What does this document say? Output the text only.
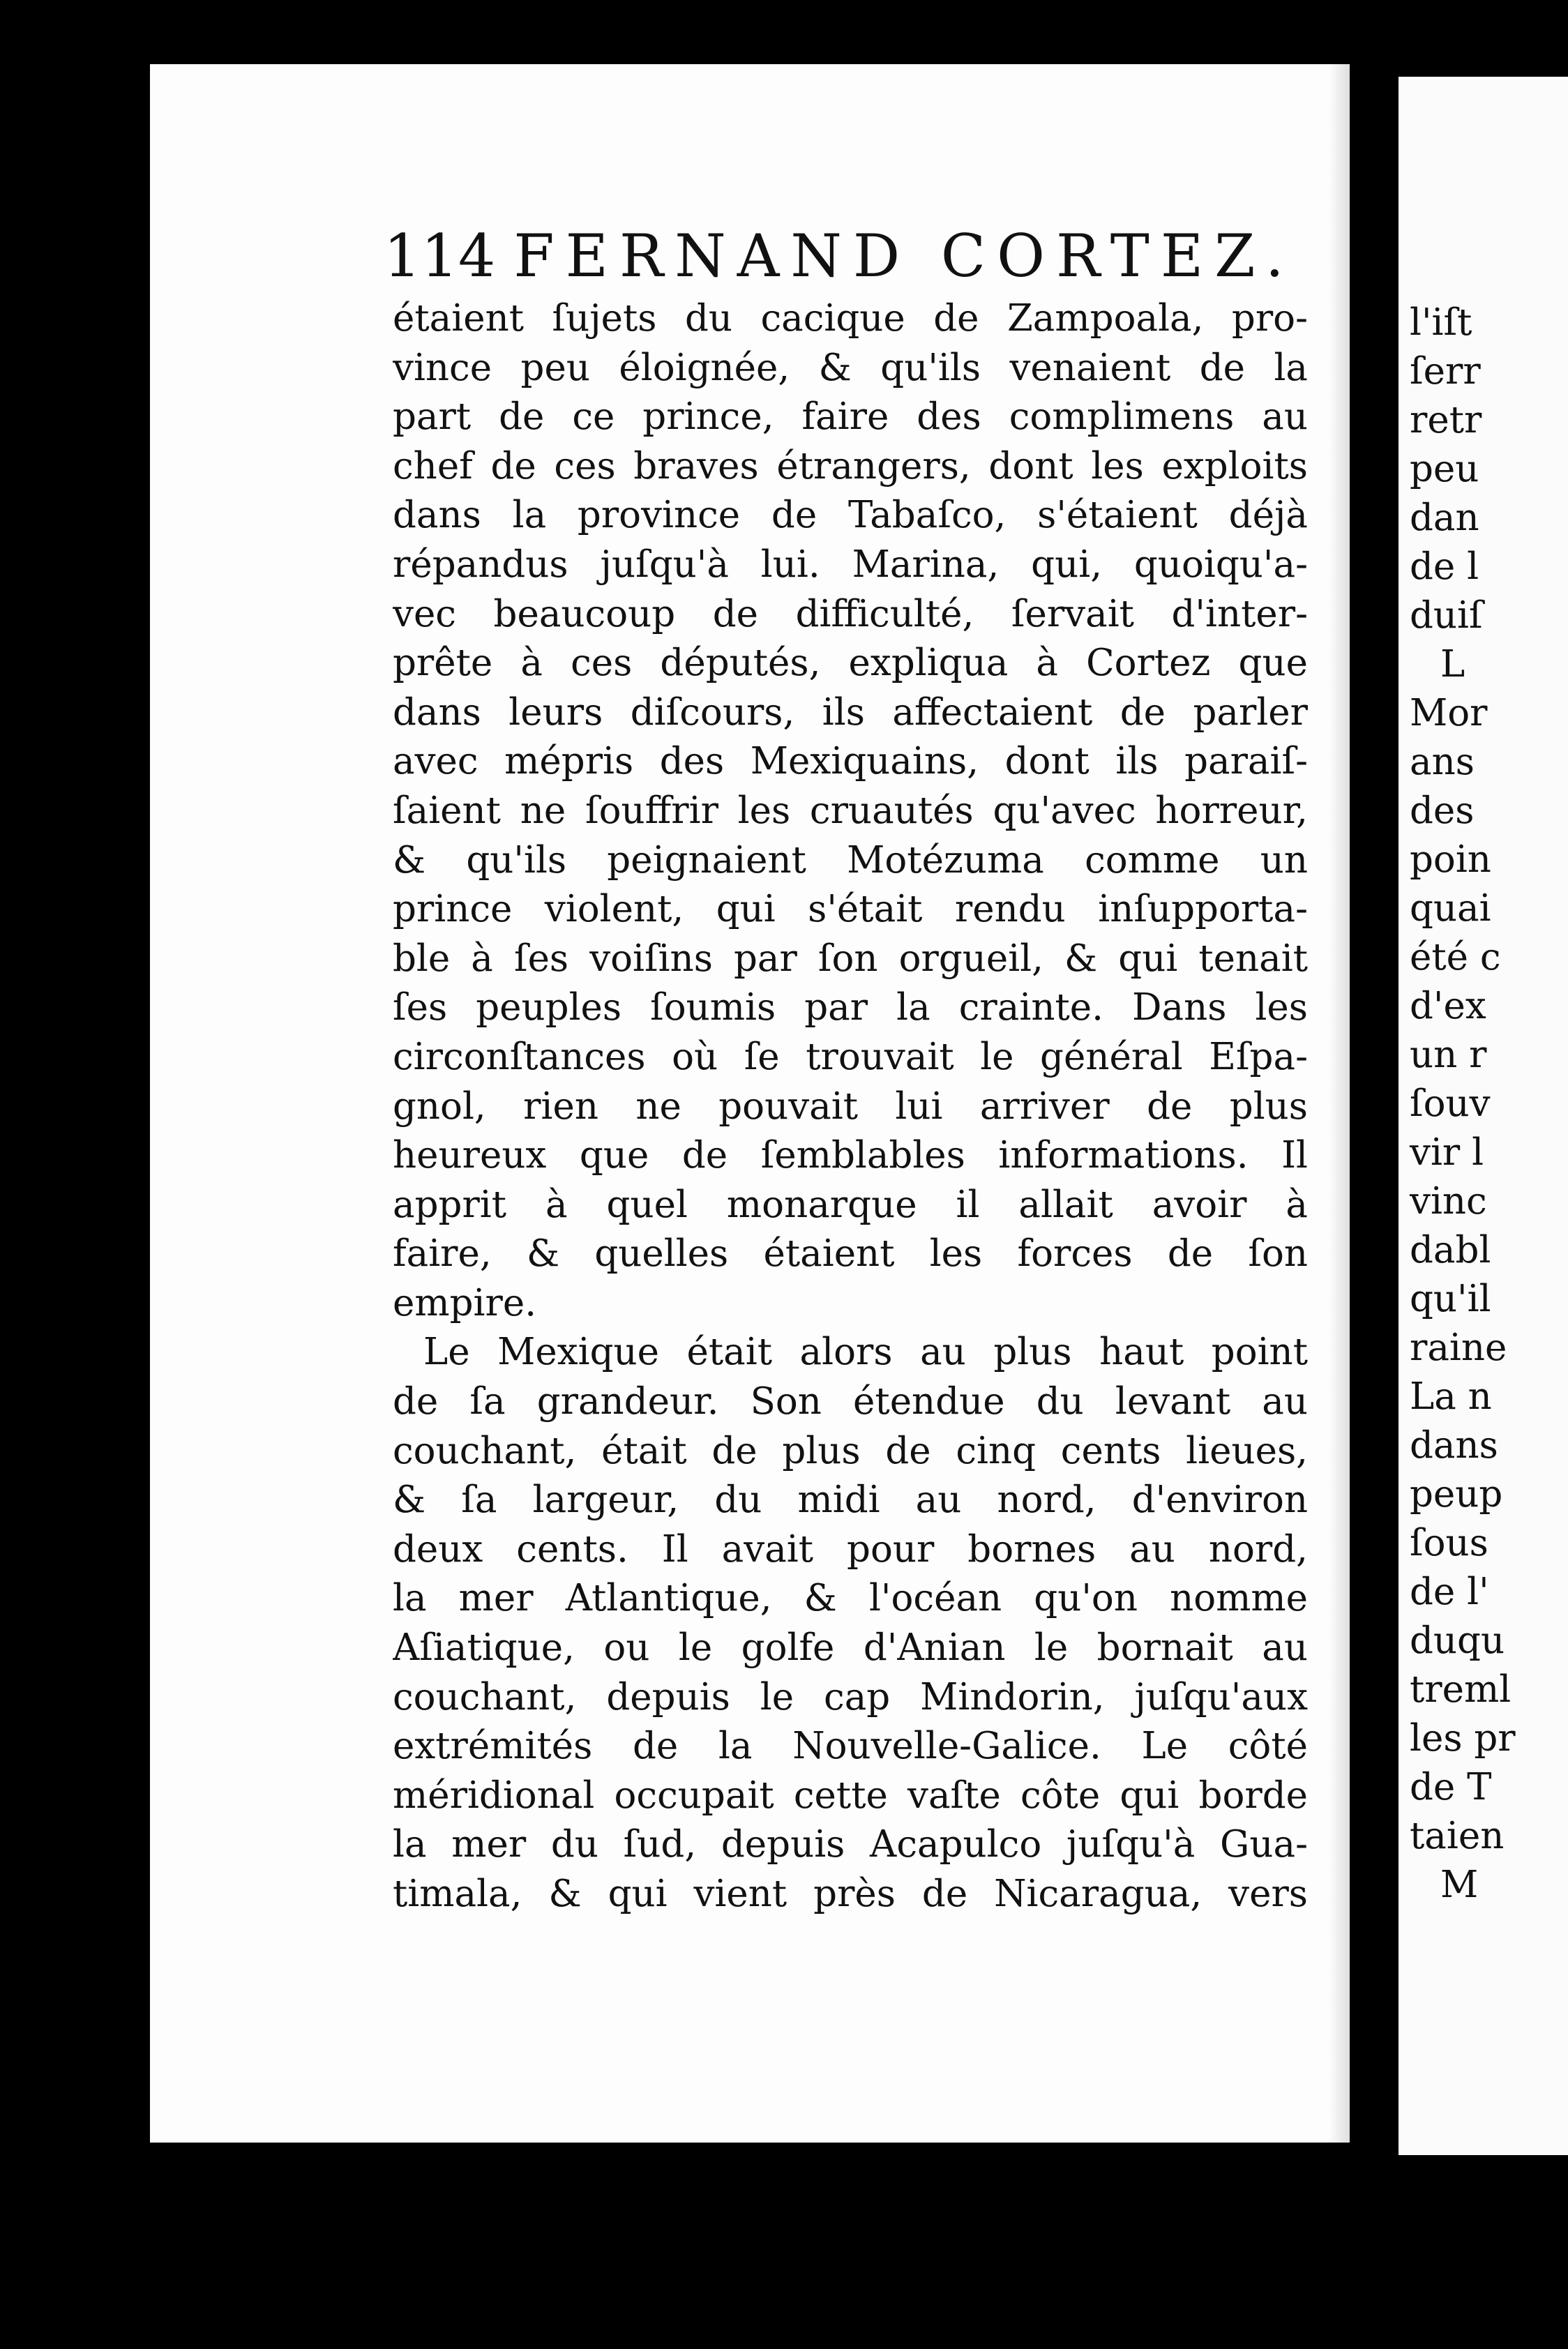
114 FERNAND CORTEZ.
étaient ſujets du cacique de Zampoala, pro-
vince peu éloignée, & qu'ils venaient de la
part de ce prince, faire des complimens au
chef de ces braves étrangers, dont les exploits
dans la province de Tabaſco, s'étaient déjà
répandus juſqu'à lui. Marina, qui, quoiqu'a-
vec beaucoup de difficulté, ſervait d'inter-
prête à ces députés, expliqua à Cortez que
dans leurs diſcours, ils affectaient de parler
avec mépris des Mexiquains, dont ils paraiſ-
ſaient ne ſouffrir les cruautés qu'avec horreur,
& qu'ils peignaient Motézuma comme un
prince violent, qui s'était rendu inſupporta-
ble à ſes voiſins par ſon orgueil, & qui tenait
ſes peuples ſoumis par la crainte. Dans les
circonſtances où ſe trouvait le général Eſpa-
gnol, rien ne pouvait lui arriver de plus
heureux que de ſemblables informations. Il
apprit à quel monarque il allait avoir à
faire, & quelles étaient les forces de ſon
empire.
Le Mexique était alors au plus haut point
de ſa grandeur. Son étendue du levant au
couchant, était de plus de cinq cents lieues,
& ſa largeur, du midi au nord, d'environ
deux cents. Il avait pour bornes au nord,
la mer Atlantique, & l'océan qu'on nomme
Aſiatique, ou le golfe d'Anian le bornait au
couchant, depuis le cap Mindorin, juſqu'aux
extrémités de la Nouvelle-Galice. Le côté
méridional occupait cette vaſte côte qui borde
la mer du ſud, depuis Acapulco juſqu'à Gua-
timala, & qui vient près de Nicaragua, vers
l'iſt
ſerr
retr
peu
dan
de l
duiſ
L
Mor
ans
des
poin
quai
été c
d'ex
un r
ſouv
vir l
vinc
dabl
qu'il
raine
La n
dans
peup
ſous
de l'
duqu
treml
les pr
de T
taien
M
